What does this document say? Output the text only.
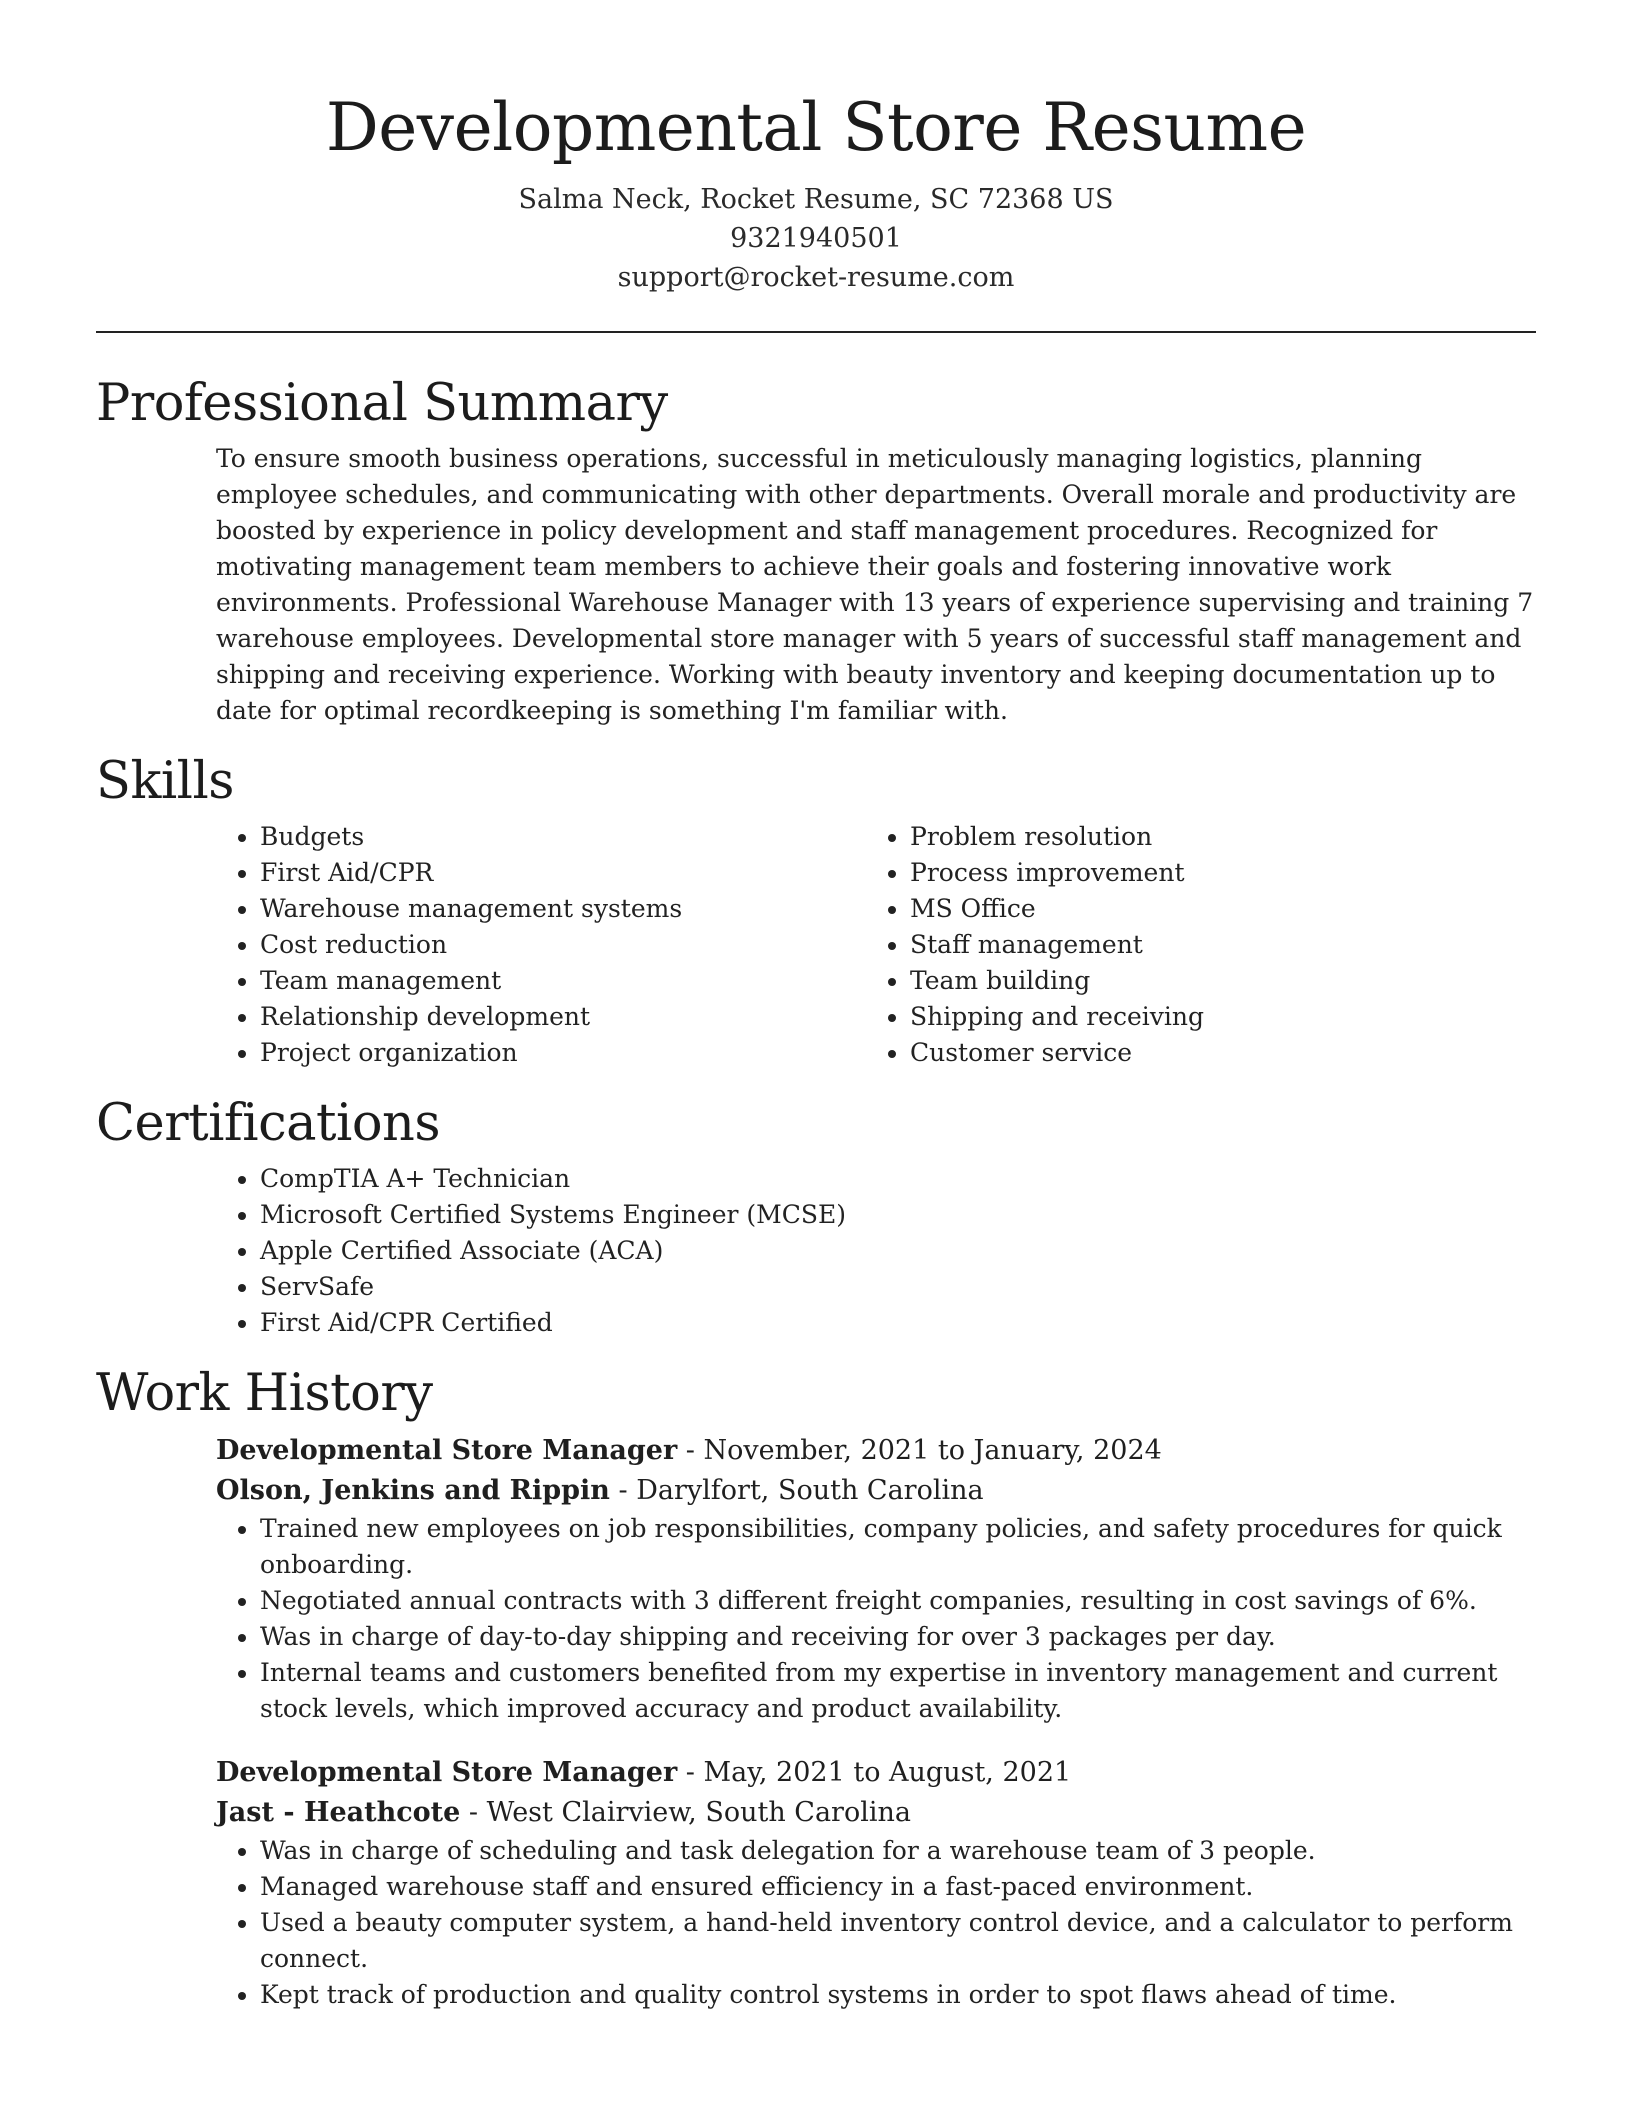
Developmental Store Resume
Salma Neck, Rocket Resume, SC 72368 US
9321940501
support@rocket-resume.com
Professional Summary

To ensure smooth business operations, successful in meticulously managing logistics, planning employee schedules, and communicating with other departments. Overall morale and productivity are boosted by experience in policy development and staff management procedures. Recognized for motivating management team members to achieve their goals and fostering innovative work environments. Professional Warehouse Manager with 13 years of experience supervising and training 7 warehouse employees. Developmental store manager with 5 years of successful staff management and shipping and receiving experience. Working with beauty inventory and keeping documentation up to date for optimal recordkeeping is something I'm familiar with.

Skills
• Budgets
• First Aid/CPR
• Warehouse management systems
• Cost reduction
• Team management
• Relationship development
• Project organization
• Problem resolution
• Process improvement
• MS Office
• Staff management
• Team building
• Shipping and receiving
• Customer service
Certifications
• CompTIA A+ Technician
• Microsoft Certified Systems Engineer (MCSE)
• Apple Certified Associate (ACA)
• ServSafe
• First Aid/CPR Certified
Work History
Developmental Store Manager - November, 2021 to January, 2024
Olson, Jenkins and Rippin - Darylfort, South Carolina
• Trained new employees on job responsibilities, company policies, and safety procedures for quick onboarding.
• Negotiated annual contracts with 3 different freight companies, resulting in cost savings of 6%.
• Was in charge of day-to-day shipping and receiving for over 3 packages per day.
• Internal teams and customers benefited from my expertise in inventory management and current stock levels, which improved accuracy and product availability.
Developmental Store Manager - May, 2021 to August, 2021
Jast - Heathcote - West Clairview, South Carolina
• Was in charge of scheduling and task delegation for a warehouse team of 3 people.
• Managed warehouse staff and ensured efficiency in a fast-paced environment.
• Used a beauty computer system, a hand-held inventory control device, and a calculator to perform connect.
• Kept track of production and quality control systems in order to spot flaws ahead of time.
